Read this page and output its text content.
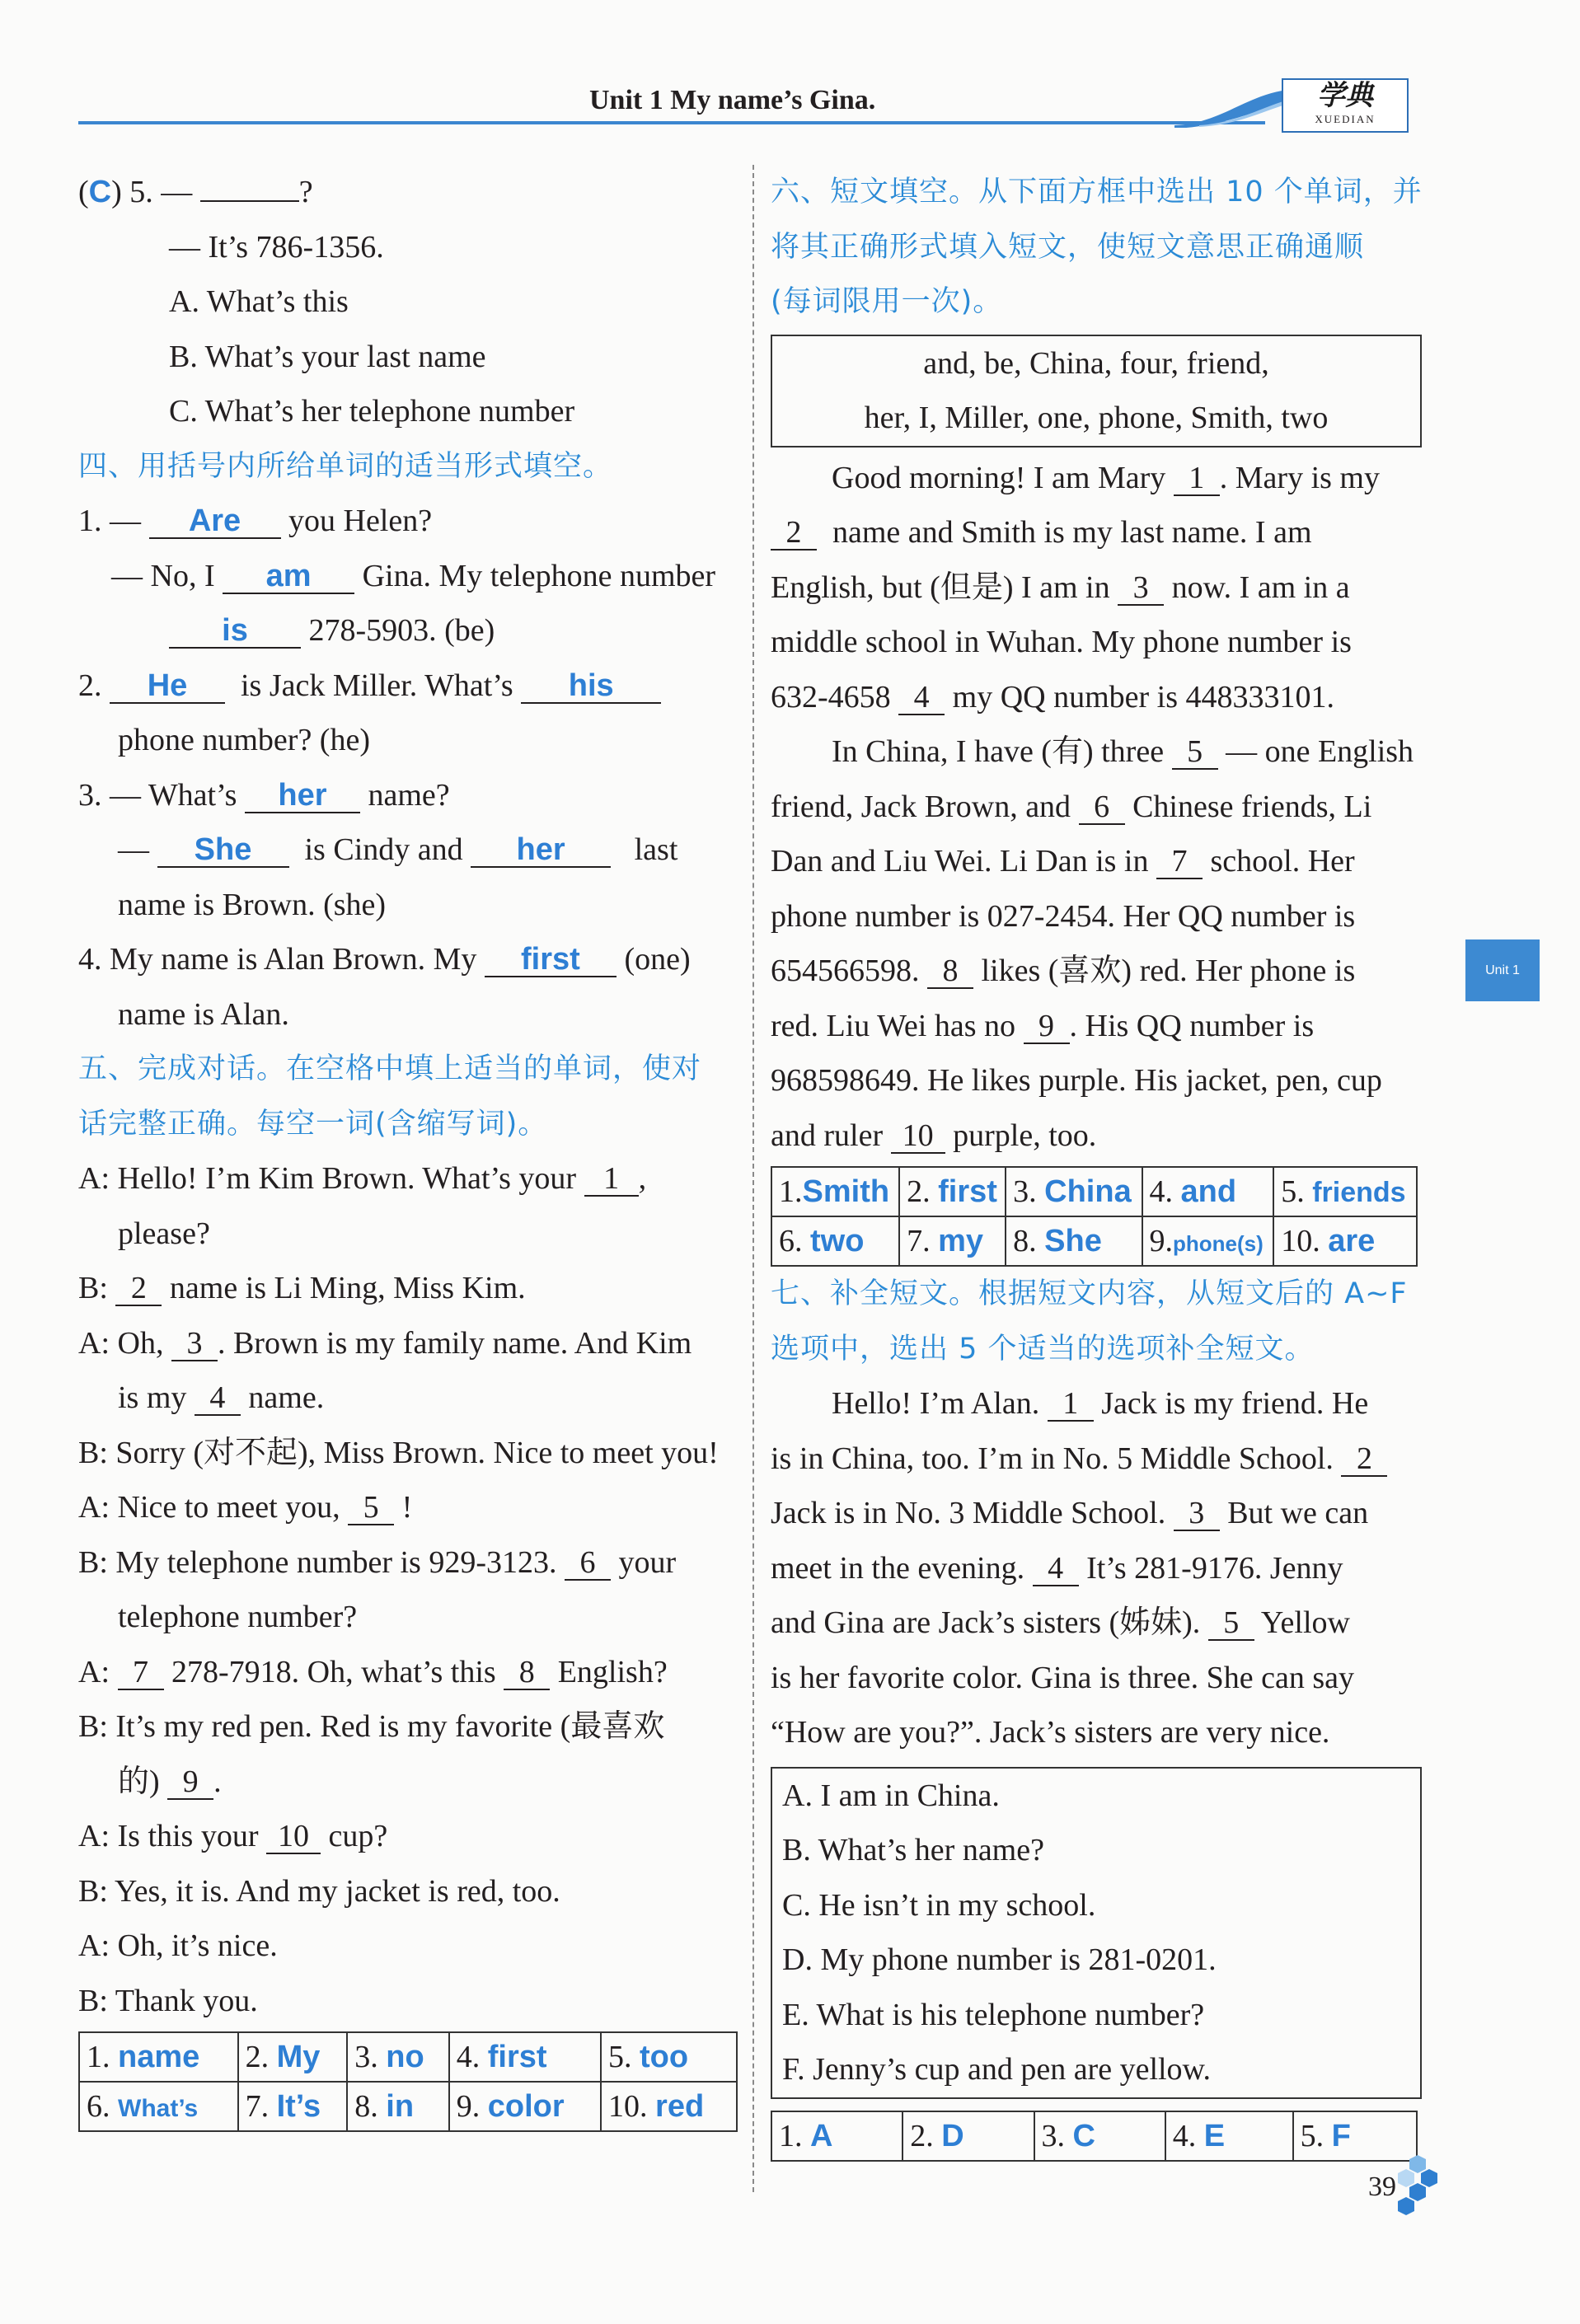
Unit 1 My name’s Gina.	学典
XUEDIAN
(C) 5. —	?
— It’s 786-1356.
A. What’s this
B. What’s your last name
C. What’s her telephone number
四、用括号内所给单词的适当形式填空。
1. — Are you Helen?
— No, I am Gina. My telephone number
is 278-5903. (be)
2. He is Jack Miller. What’s his
phone number? (he)
3. — What’s her name?
— She is Cindy and her last
name is Brown. (she)
4. My name is Alan Brown. My first (one)
name is Alan.
五、完成对话。在空格中填上适当的单词，使对
话完整正确。每空一词(含缩写词)。
A: Hello! I’m Kim Brown. What’s your 1 ,
please?
B: 2 name is Li Ming, Miss Kim.
A: Oh, 3 . Brown is my family name. And Kim
is my 4 name.
B: Sorry (对不起), Miss Brown. Nice to meet you!
A: Nice to meet you, 5 !
B: My telephone number is 929-3123. 6 your
telephone number?
A: 7 278-7918. Oh, what’s this 8 English?
B: It’s my red pen. Red is my favorite (最喜欢
的) 9 .
A: Is this your 10 cup?
B: Yes, it is. And my jacket is red, too.
A: Oh, it’s nice.
B: Thank you.
1. name	2. My	3. no	4. first	5. too
6. What’s	7. It’s	8. in	9. color	10. red
六、短文填空。从下面方框中选出 10 个单词，并
将其正确形式填入短文，使短文意思正确通顺
(每词限用一次)。
and, be, China, four, friend,
her, I, Miller, one, phone, Smith, two
Good morning! I am Mary 1 . Mary is my
2 name and Smith is my last name. I am
English, but (但是) I am in 3 now. I am in a
middle school in Wuhan. My phone number is
632-4658 4 my QQ number is 448333101.
In China, I have (有) three 5 — one English
friend, Jack Brown, and 6 Chinese friends, Li
Dan and Liu Wei. Li Dan is in 7 school. Her
phone number is 027-2454. Her QQ number is
654566598. 8 likes (喜欢) red. Her phone is
red. Liu Wei has no 9 . His QQ number is
968598649. He likes purple. His jacket, pen, cup
and ruler 10 purple, too.
1.Smith	2. first	3. China	4. and	5. friends
6. two	7. my	8. She	9.phone(s)	10. are
七、补全短文。根据短文内容，从短文后的 A~F
选项中，选出 5 个适当的选项补全短文。
Hello! I’m Alan. 1 Jack is my friend. He
is in China, too. I’m in No. 5 Middle School. 2
Jack is in No. 3 Middle School. 3 But we can
meet in the evening. 4 It’s 281-9176. Jenny
and Gina are Jack’s sisters (姊妹). 5 Yellow
is her favorite color. Gina is three. She can say
“How are you?”. Jack’s sisters are very nice.
A. I am in China.
B. What’s her name?
C. He isn’t in my school.
D. My phone number is 281-0201.
E. What is his telephone number?
F. Jenny’s cup and pen are yellow.
1. A	2. D	3. C	4. E	5. F
Unit 1
39
